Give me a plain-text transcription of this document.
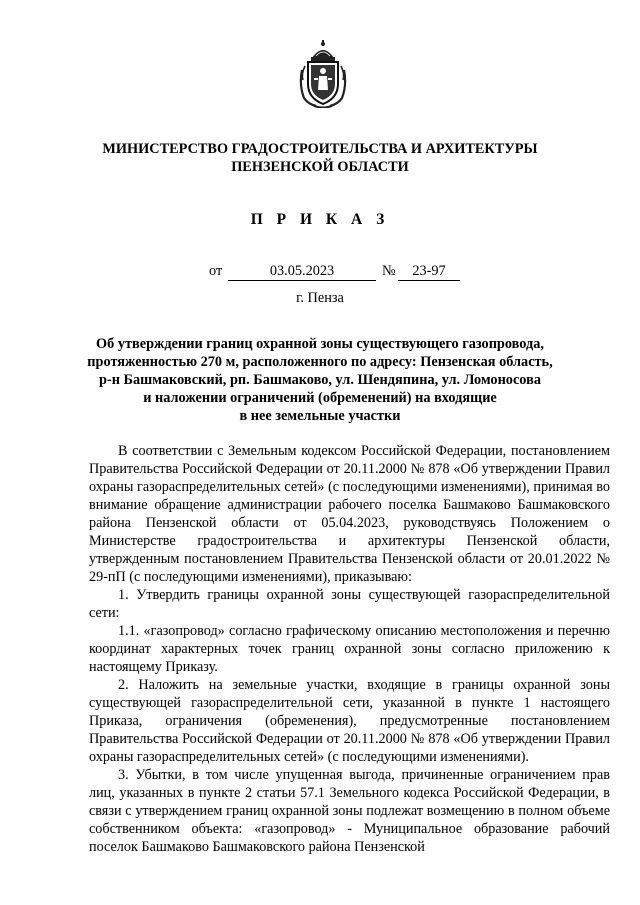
МИНИСТЕРСТВО ГРАДОСТРОИТЕЛЬСТВА И АРХИТЕКТУРЫ
ПЕНЗЕНСКОЙ ОБЛАСТИ
П Р И К А З
от	03.05.2023	№	23-97
г. Пенза
Об утверждении границ охранной зоны существующего газопровода,
протяженностью 270 м, расположенного по адресу: Пензенская область,
р-н Башмаковский, рп. Башмаково, ул. Шендяпина, ул. Ломоносова
и наложении ограничений (обременений) на входящие
в нее земельные участки

В соответствии с Земельным кодексом Российской Федерации, постановлением Правительства Российской Федерации от 20.11.2000 № 878 «Об утверждении Правил охраны газораспределительных сетей» (с последующими изменениями), принимая во внимание обращение администрации рабочего поселка Башмаково Башмаковского района Пензенской области от 05.04.2023, руководствуясь Положением о Министерстве градостроительства и архитектуры Пензенской области, утвержденным постановлением Правительства Пензенской области от 20.01.2022 № 29-пП (с последующими изменениями), приказываю:

1. Утвердить границы охранной зоны существующей газораспределительной сети:

1.1. «газопровод» согласно графическому описанию местоположения и перечню координат характерных точек границ охранной зоны согласно приложению к настоящему Приказу.

2. Наложить на земельные участки, входящие в границы охранной зоны существующей газораспределительной сети, указанной в пункте 1 настоящего Приказа, ограничения (обременения), предусмотренные постановлением Правительства Российской Федерации от 20.11.2000 № 878 «Об утверждении Правил охраны газораспределительных сетей» (с последующими изменениями).

3. Убытки, в том числе упущенная выгода, причиненные ограничением прав лиц, указанных в пункте 2 статьи 57.1 Земельного кодекса Российской Федерации, в связи с утверждением границ охранной зоны подлежат возмещению в полном объеме собственником объекта: «газопровод» - Муниципальное образование рабочий поселок Башмаково Башмаковского района Пензенской
